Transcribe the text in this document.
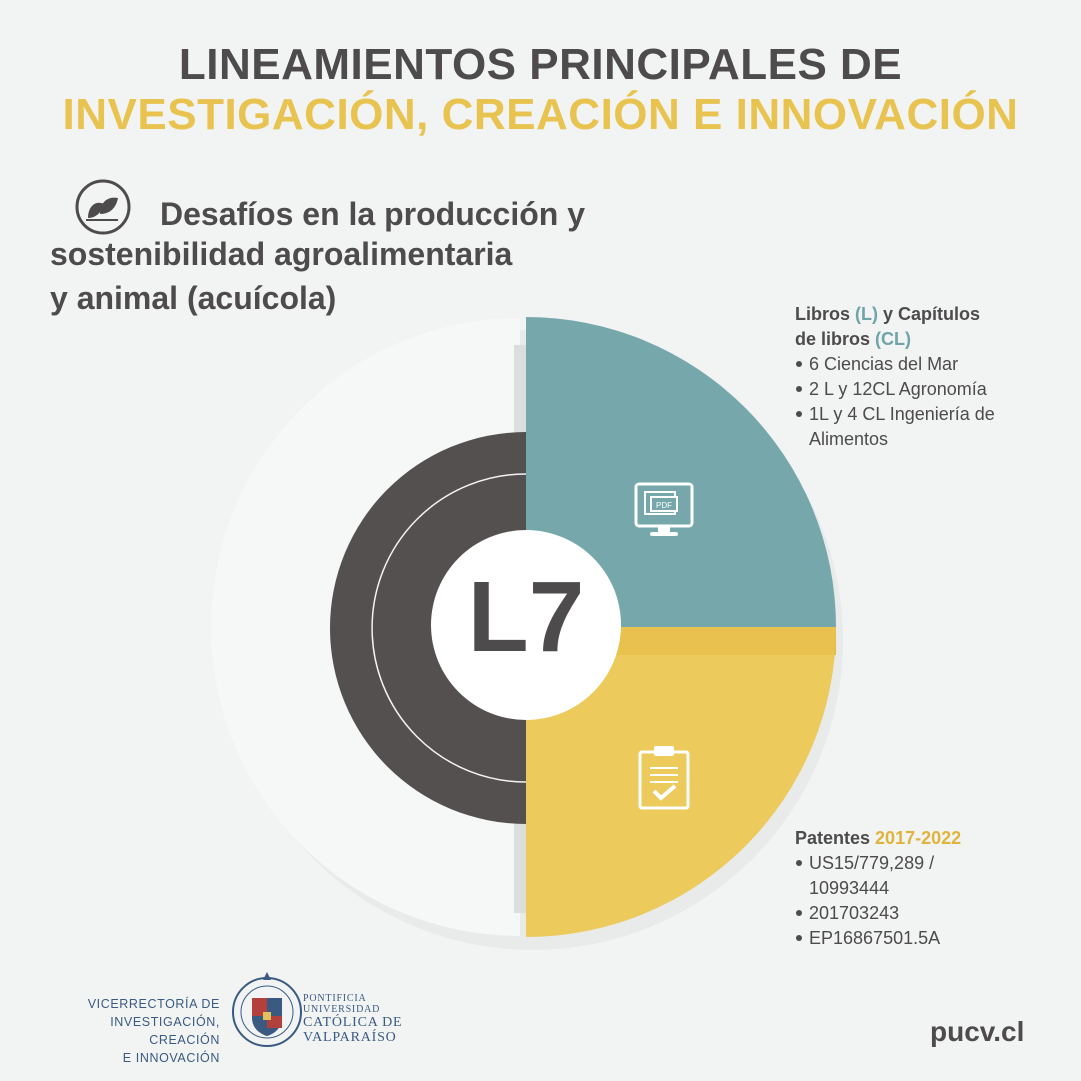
LINEAMIENTOS PRINCIPALES DE
INVESTIGACIÓN, CREACIÓN E INNOVACIÓN
Desafíos en la producción y
sostenibilidad agroalimentaria
y animal (acuícola)
PDF
L7
Libros (L) y Capítulos
de libros (CL)
6 Ciencias del Mar
2 L y 12CL Agronomía
1L y 4 CL Ingeniería de Alimentos
Patentes 2017-2022
US15/779,289 / 10993444
201703243
EP16867501.5A
VICERRECTORÍA DE
INVESTIGACIÓN, CREACIÓN
E INNOVACIÓN
PONTIFICIA
UNIVERSIDAD
CATÓLICA DE
VALPARAÍSO	pucv.cl
